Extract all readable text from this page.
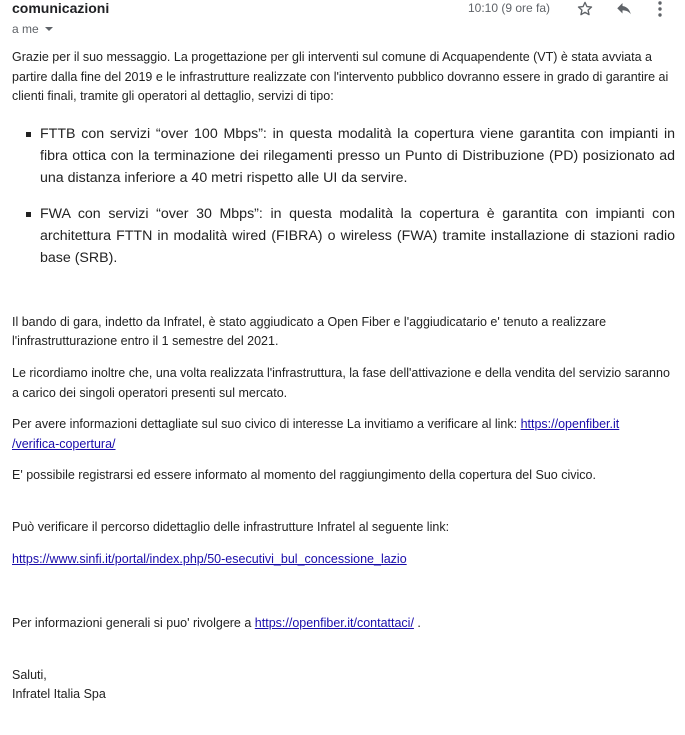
comunicazioni
a me
10:10 (9 ore fa)

Grazie per il suo messaggio. La progettazione per gli interventi sul comune di Acquapendente (VT) è stata avviata a partire dalla fine del 2019 e le infrastrutture realizzate con l'intervento pubblico dovranno essere in grado di garantire ai clienti finali, tramite gli operatori al dettaglio, servizi di tipo:

FTTB con servizi “over 100 Mbps”: in questa modalità la copertura viene garantita con impianti in fibra ottica con la terminazione dei rilegamenti presso un Punto di Distribuzione (PD) posizionato ad una distanza inferiore a 40 metri rispetto alle UI da servire.
FWA con servizi “over 30 Mbps”: in questa modalità la copertura è garantita con impianti con architettura FTTN in modalità wired (FIBRA) o wireless (FWA) tramite installazione di stazioni radio base (SRB).

Il bando di gara, indetto da Infratel, è stato aggiudicato a Open Fiber e l'aggiudicatario e' tenuto a realizzare l'infrastrutturazione entro il 1 semestre del 2021.

Le ricordiamo inoltre che, una volta realizzata l'infrastruttura, la fase dell'attivazione e della vendita del servizio saranno a carico dei singoli operatori presenti sul mercato.

Per avere informazioni dettagliate sul suo civico di interesse La invitiamo a verificare al link: https://openfiber.it
/verifica-copertura/

E' possibile registrarsi ed essere informato al momento del raggiungimento della copertura del Suo civico.

Può verificare il percorso didettaglio delle infrastrutture Infratel al seguente link:

https://www.sinfi.it/portal/index.php/50-esecutivi_bul_concessione_lazio

Per informazioni generali si puo' rivolgere a https://openfiber.it/contattaci/ .

Saluti,

Infratel Italia Spa
